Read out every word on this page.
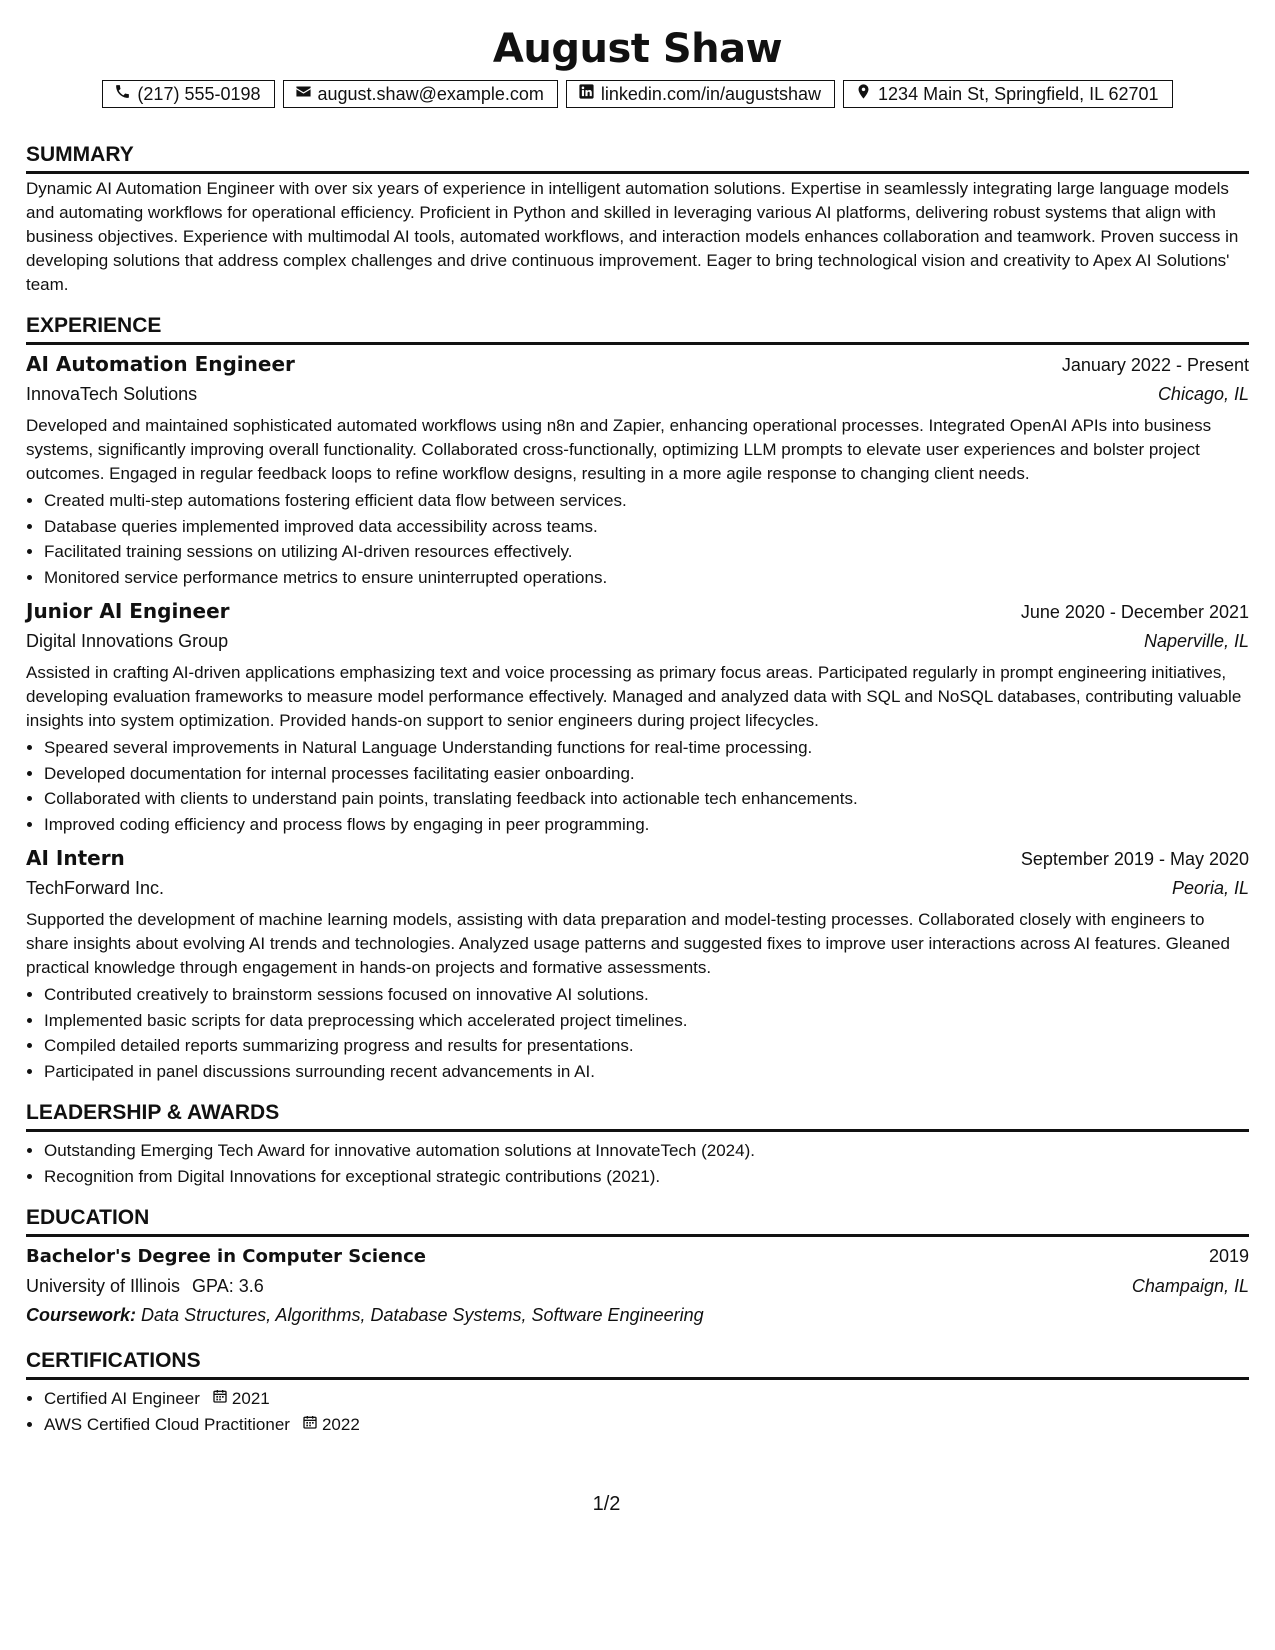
August Shaw
(217) 555-0198	august.shaw@example.com	linkedin.com/in/augustshaw	1234 Main St, Springfield, IL 62701
SUMMARY

Dynamic AI Automation Engineer with over six years of experience in intelligent automation solutions. Expertise in seamlessly integrating large language models and automating workflows for operational efficiency. Proficient in Python and skilled in leveraging various AI platforms, delivering robust systems that align with business objectives. Experience with multimodal AI tools, automated workflows, and interaction models enhances collaboration and teamwork. Proven success in developing solutions that address complex challenges and drive continuous improvement. Eager to bring technological vision and creativity to Apex AI Solutions' team.

EXPERIENCE
AI Automation Engineer	January 2022 - Present
InnovaTech Solutions	Chicago, IL

Developed and maintained sophisticated automated workflows using n8n and Zapier, enhancing operational processes. Integrated OpenAI APIs into business systems, significantly improving overall functionality. Collaborated cross-functionally, optimizing LLM prompts to elevate user experiences and bolster project outcomes. Engaged in regular feedback loops to refine workflow designs, resulting in a more agile response to changing client needs.

• Created multi-step automations fostering efficient data flow between services.
• Database queries implemented improved data accessibility across teams.
• Facilitated training sessions on utilizing AI-driven resources effectively.
• Monitored service performance metrics to ensure uninterrupted operations.
Junior AI Engineer	June 2020 - December 2021
Digital Innovations Group	Naperville, IL

Assisted in crafting AI-driven applications emphasizing text and voice processing as primary focus areas. Participated regularly in prompt engineering initiatives, developing evaluation frameworks to measure model performance effectively. Managed and analyzed data with SQL and NoSQL databases, contributing valuable insights into system optimization. Provided hands-on support to senior engineers during project lifecycles.

• Speared several improvements in Natural Language Understanding functions for real-time processing.
• Developed documentation for internal processes facilitating easier onboarding.
• Collaborated with clients to understand pain points, translating feedback into actionable tech enhancements.
• Improved coding efficiency and process flows by engaging in peer programming.
AI Intern	September 2019 - May 2020
TechForward Inc.	Peoria, IL

Supported the development of machine learning models, assisting with data preparation and model-testing processes. Collaborated closely with engineers to share insights about evolving AI trends and technologies. Analyzed usage patterns and suggested fixes to improve user interactions across AI features. Gleaned practical knowledge through engagement in hands-on projects and formative assessments.

• Contributed creatively to brainstorm sessions focused on innovative AI solutions.
• Implemented basic scripts for data preprocessing which accelerated project timelines.
• Compiled detailed reports summarizing progress and results for presentations.
• Participated in panel discussions surrounding recent advancements in AI.
LEADERSHIP & AWARDS
• Outstanding Emerging Tech Award for innovative automation solutions at InnovateTech (2024).
• Recognition from Digital Innovations for exceptional strategic contributions (2021).
EDUCATION
Bachelor's Degree in Computer Science	2019
University of Illinois GPA: 3.6	Champaign, IL
Coursework: Data Structures, Algorithms, Database Systems, Software Engineering
CERTIFICATIONS
• Certified AI Engineer 2021
• AWS Certified Cloud Practitioner 2022
1/2
